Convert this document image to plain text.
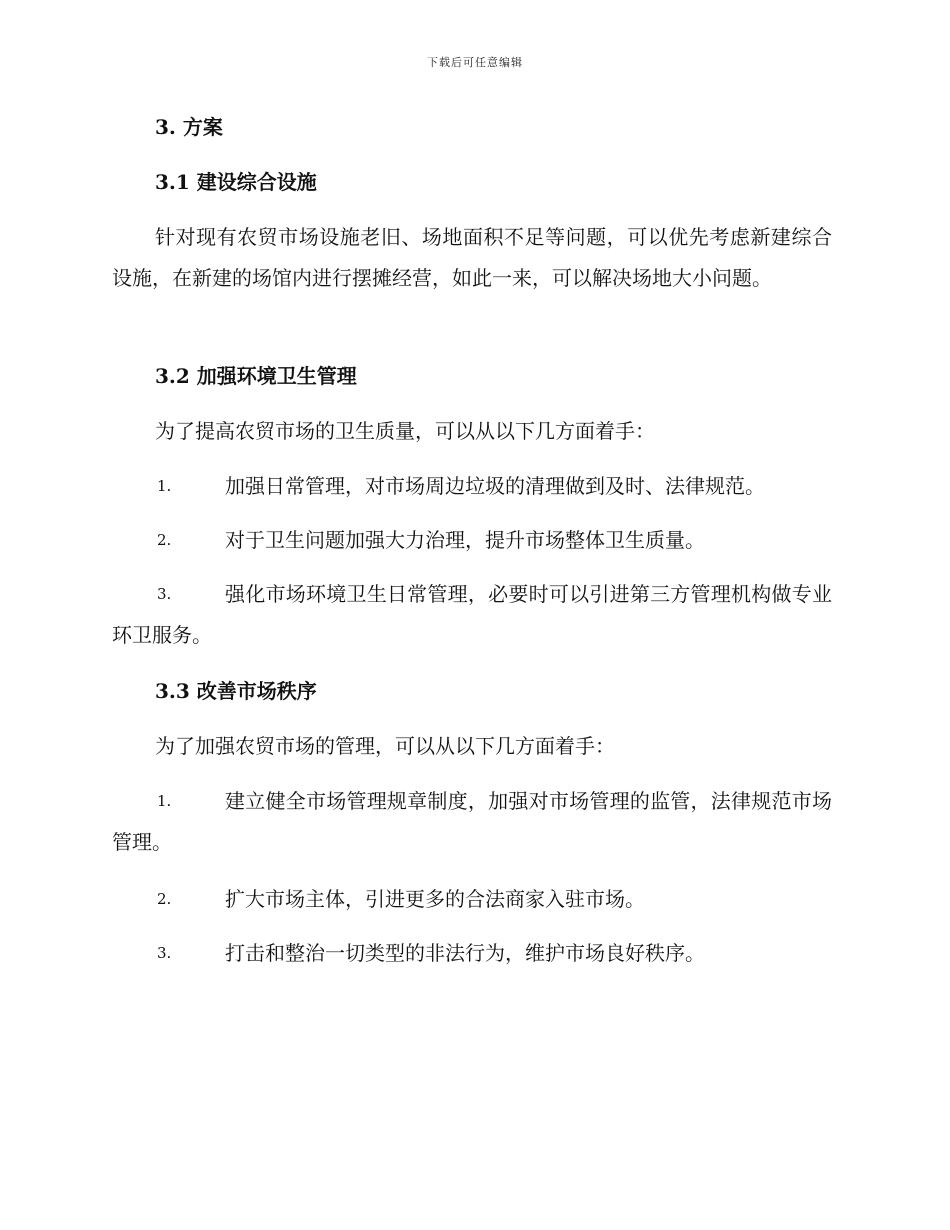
下载后可任意编辑
3. 方案
3.1 建设综合设施
针对现有农贸市场设施老旧、场地面积不足等问题，可以优先考虑新建综合设施，在新建的场馆内进行摆摊经营，如此一来，可以解决场地大小问题。
3.2 加强环境卫生管理
为了提高农贸市场的卫生质量，可以从以下几方面着手：
1.	加强日常管理，对市场周边垃圾的清理做到及时、法律规范。
2.	对于卫生问题加强大力治理，提升市场整体卫生质量。
3.	强化市场环境卫生日常管理，必要时可以引进第三方管理机构做专业环卫服务。
3.3 改善市场秩序
为了加强农贸市场的管理，可以从以下几方面着手：
1.	建立健全市场管理规章制度，加强对市场管理的监管，法律规范市场管理。
2.	扩大市场主体，引进更多的合法商家入驻市场。
3.	打击和整治一切类型的非法行为，维护市场良好秩序。
